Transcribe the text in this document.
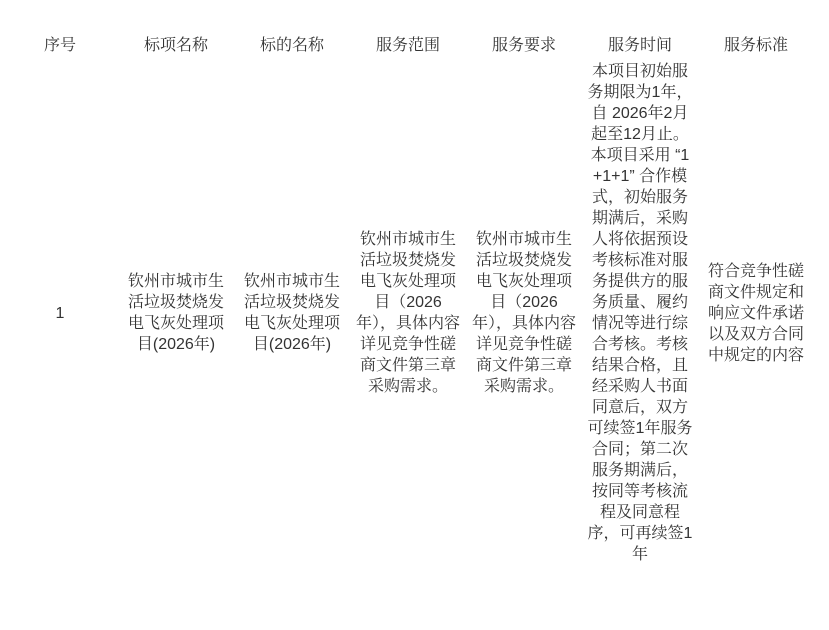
序号	标项名称	标的名称	服务范围	服务要求	服务时间	服务标准
1	钦州市城市生活垃圾焚烧发电飞灰处理项目(2026年)	钦州市城市生活垃圾焚烧发电飞灰处理项目(2026年)	钦州市城市生活垃圾焚烧发电飞灰处理项目（2026年），具体内容详见竞争性磋商文件第三章采购需求。	钦州市城市生活垃圾焚烧发电飞灰处理项目（2026年），具体内容详见竞争性磋商文件第三章采购需求。	本项目初始服务期限为1年，自 2026年2月起至12月止。本项目采用 “1+1+1” 合作模式，初始服务期满后，采购人将依据预设考核标准对服务提供方的服务质量、履约情况等进行综合考核。考核结果合格，且经采购人书面同意后，双方可续签1年服务合同；第二次服务期满后，按同等考核流程及同意程序，可再续签1年	符合竞争性磋商文件规定和响应文件承诺以及双方合同中规定的内容
